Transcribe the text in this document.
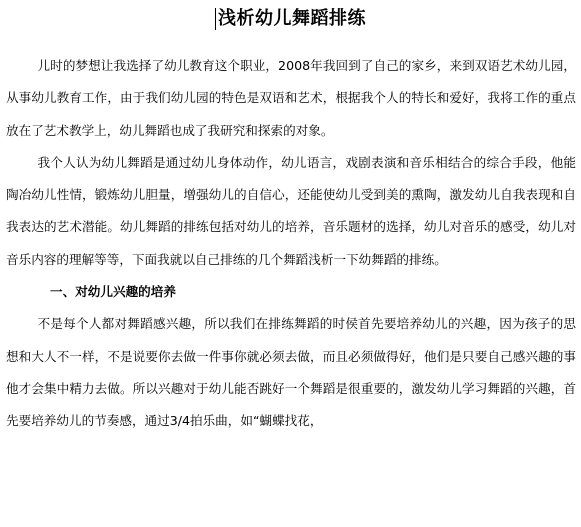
浅析幼儿舞蹈排练

儿时的梦想让我选择了幼儿教育这个职业，2008年我回到了自己的家乡，来到双语艺术幼儿园，从事幼儿教育工作，由于我们幼儿园的特色是双语和艺术，根据我个人的特长和爱好，我将工作的重点放在了艺术教学上，幼儿舞蹈也成了我研究和探索的对象。

我个人认为幼儿舞蹈是通过幼儿身体动作，幼儿语言，戏剧表演和音乐相结合的综合手段，他能陶冶幼儿性情，锻炼幼儿胆量，增强幼儿的自信心，还能使幼儿受到美的熏陶，激发幼儿自我表现和自我表达的艺术潜能。幼儿舞蹈的排练包括对幼儿的培养，音乐题材的选择，幼儿对音乐的感受，幼儿对音乐内容的理解等等，下面我就以自己排练的几个舞蹈浅析一下幼舞蹈的排练。

一、对幼儿兴趣的培养

不是每个人都对舞蹈感兴趣，所以我们在排练舞蹈的时侯首先要培养幼儿的兴趣，因为孩子的思想和大人不一样，不是说要你去做一件事你就必须去做，而且必须做得好，他们是只要自己感兴趣的事他才会集中精力去做。所以兴趣对于幼儿能否跳好一个舞蹈是很重要的，激发幼儿学习舞蹈的兴趣，首先要培养幼儿的节奏感，通过3/4拍乐曲，如“蝴蝶找花，
